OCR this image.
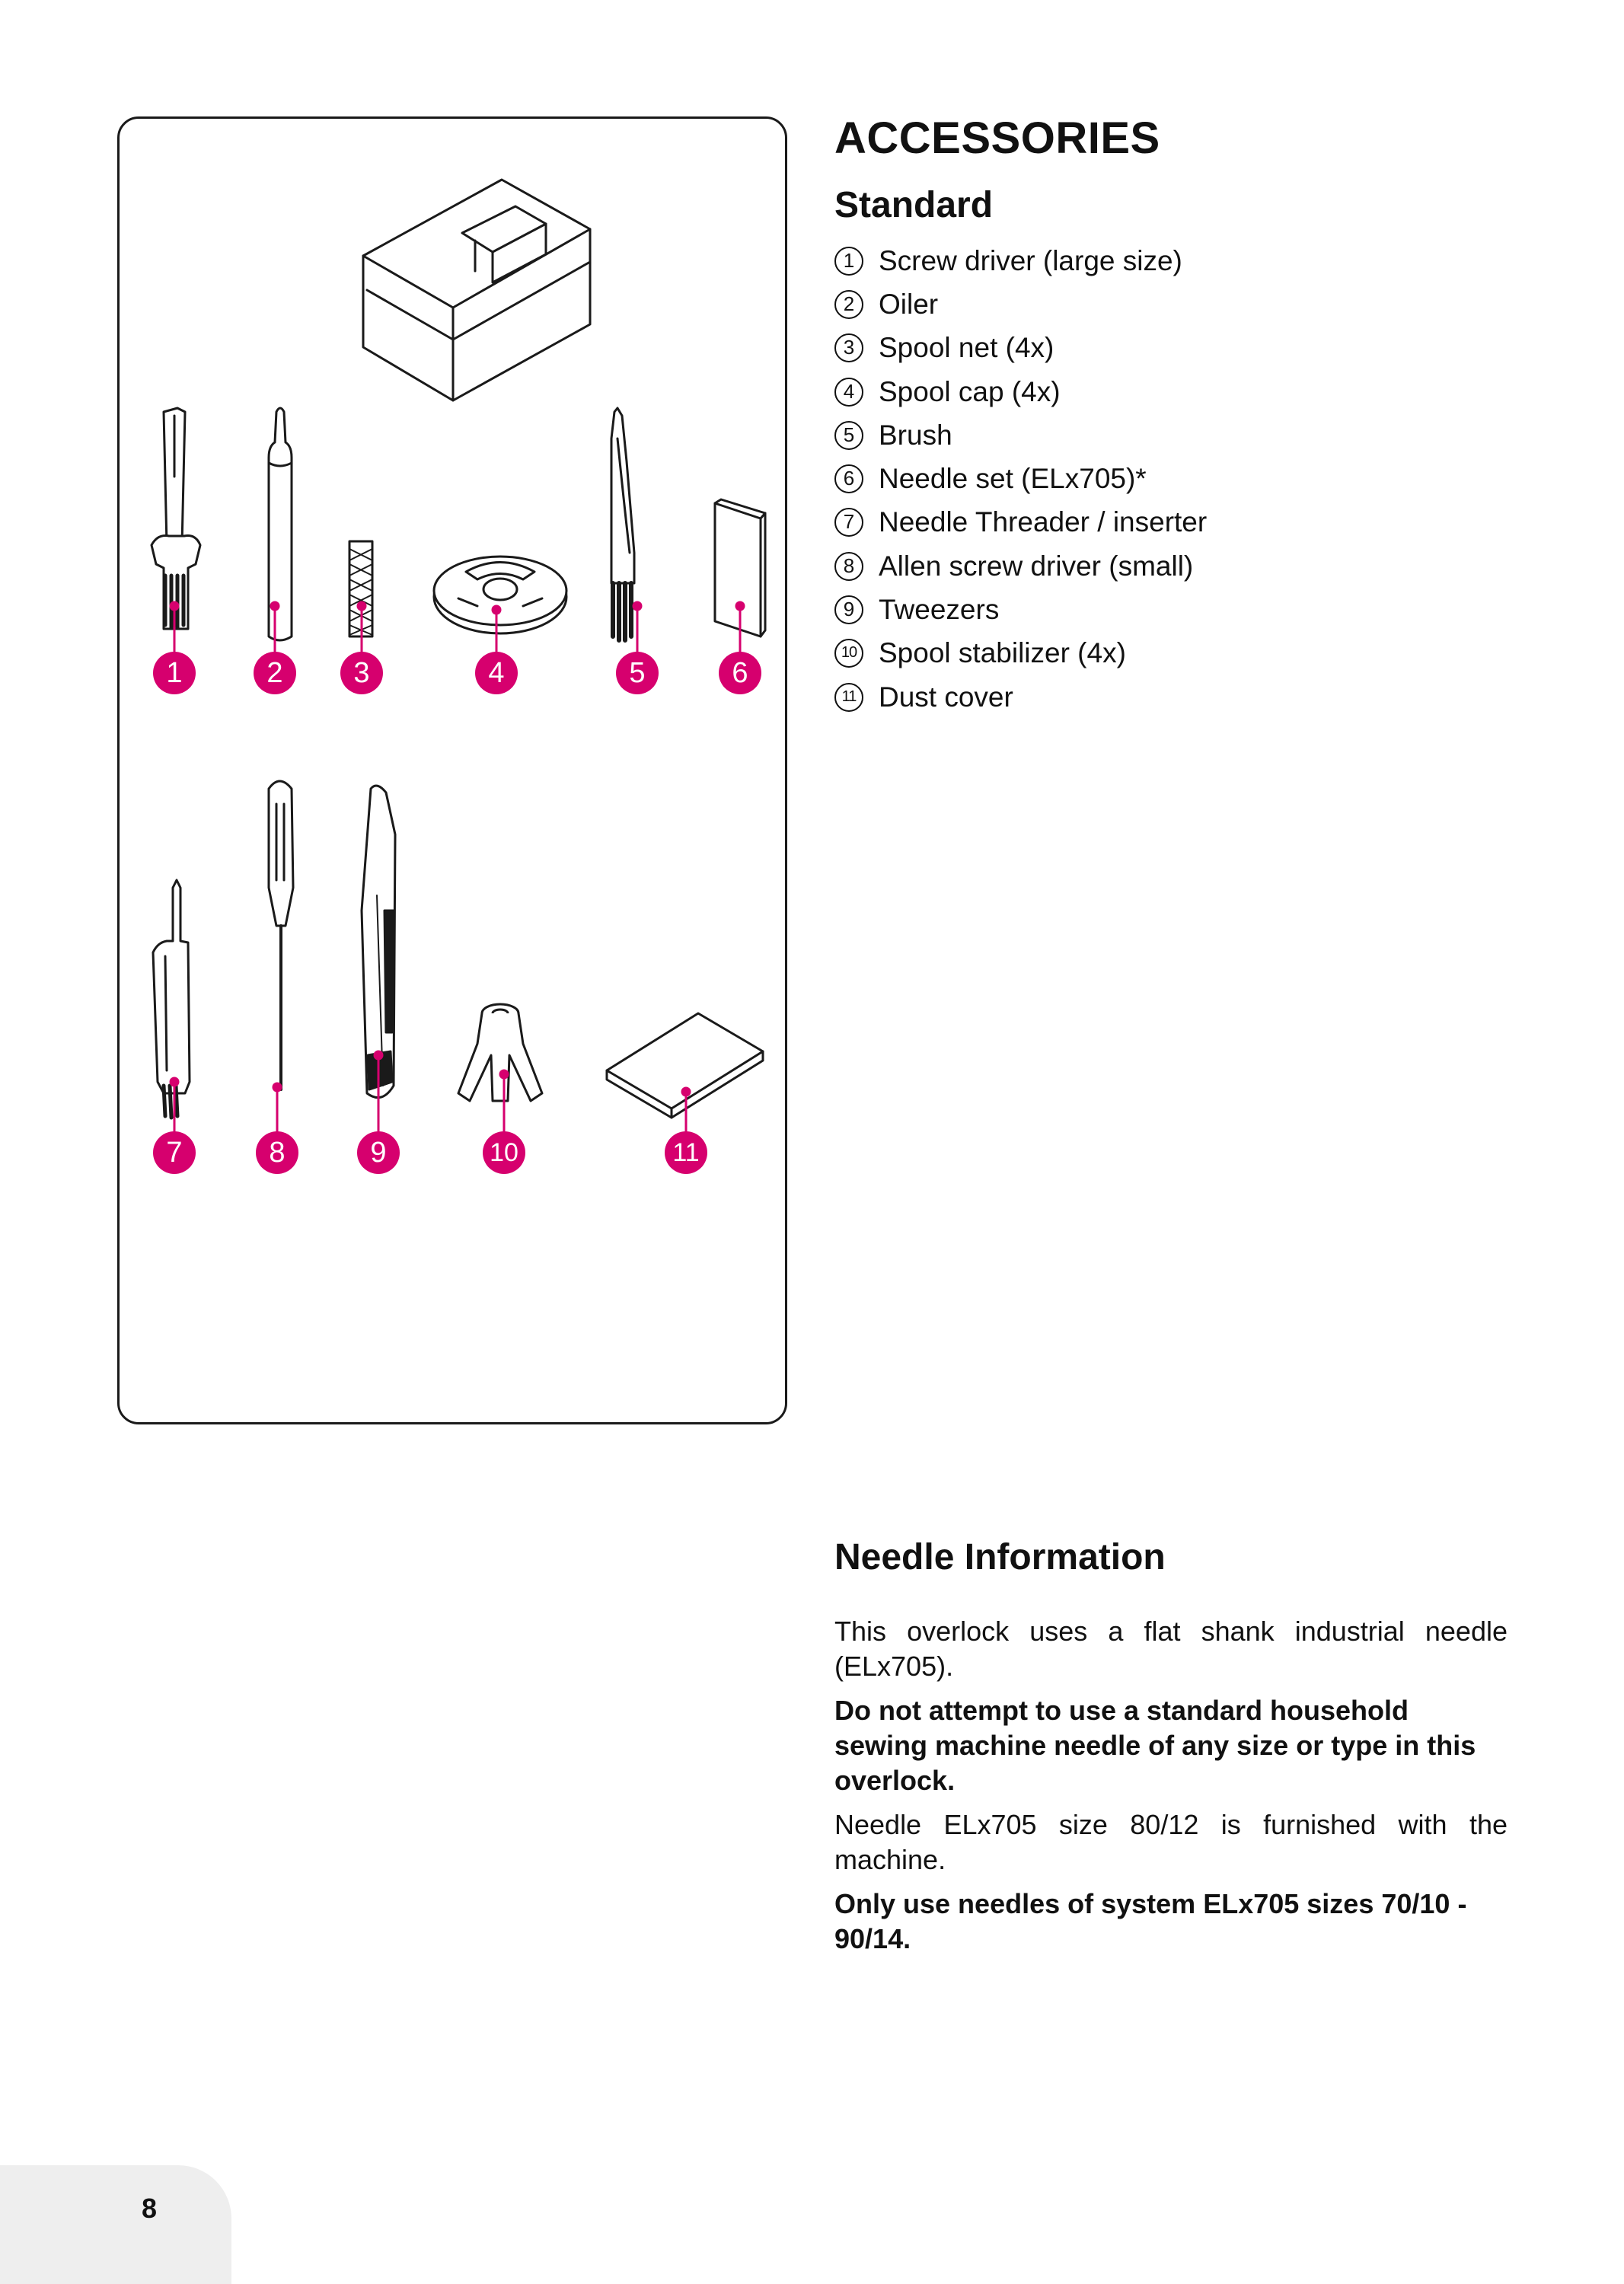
1	2	3	4	5	6
7	8	9	10	11
ACCESSORIES
Standard
1 Screw driver (large size)
2 Oiler
3 Spool net (4x)
4 Spool cap (4x)
5 Brush
6 Needle set (ELx705)*
7 Needle Threader / inserter
8 Allen screw driver (small)
9 Tweezers
10 Spool stabilizer (4x)
11 Dust cover
Needle Information

This overlock uses a flat shank industrial needle (ELx705).

Do not attempt to use a standard household sewing machine needle of any size or type in this overlock.

Needle ELx705 size 80/12 is furnished with the machine.

Only use needles of system ELx705 sizes 70/10 - 90/14.

8
